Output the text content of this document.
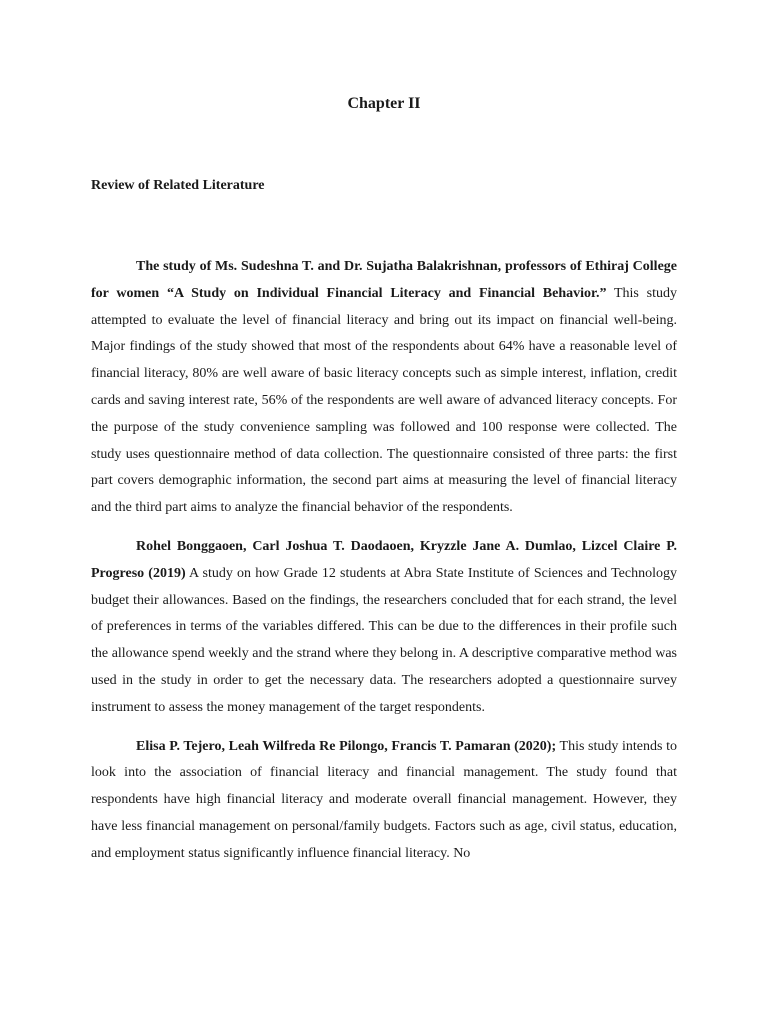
Chapter II
Review of Related Literature

The study of Ms. Sudeshna T. and Dr. Sujatha Balakrishnan, professors of Ethiraj College for women “A Study on Individual Financial Literacy and Financial Behavior.” This study attempted to evaluate the level of financial literacy and bring out its impact on financial well-being. Major findings of the study showed that most of the respondents about 64% have a reasonable level of financial literacy, 80% are well aware of basic literacy concepts such as simple interest, inflation, credit cards and saving interest rate, 56% of the respondents are well aware of advanced literacy concepts. For the purpose of the study convenience sampling was followed and 100 response were collected. The study uses questionnaire method of data collection. The questionnaire consisted of three parts: the first part covers demographic information, the second part aims at measuring the level of financial literacy and the third part aims to analyze the financial behavior of the respondents.

Rohel Bonggaoen, Carl Joshua T. Daodaoen, Kryzzle Jane A. Dumlao, Lizcel Claire P. Progreso (2019) A study on how Grade 12 students at Abra State Institute of Sciences and Technology budget their allowances. Based on the findings, the researchers concluded that for each strand, the level of preferences in terms of the variables differed. This can be due to the differences in their profile such the allowance spend weekly and the strand where they belong in. A descriptive comparative method was used in the study in order to get the necessary data. The researchers adopted a questionnaire survey instrument to assess the money management of the target respondents.

Elisa P. Tejero, Leah Wilfreda Re Pilongo, Francis T. Pamaran (2020); This study intends to look into the association of financial literacy and financial management. The study found that respondents have high financial literacy and moderate overall financial management. However, they have less financial management on personal/family budgets. Factors such as age, civil status, education, and employment status significantly influence financial literacy. No
